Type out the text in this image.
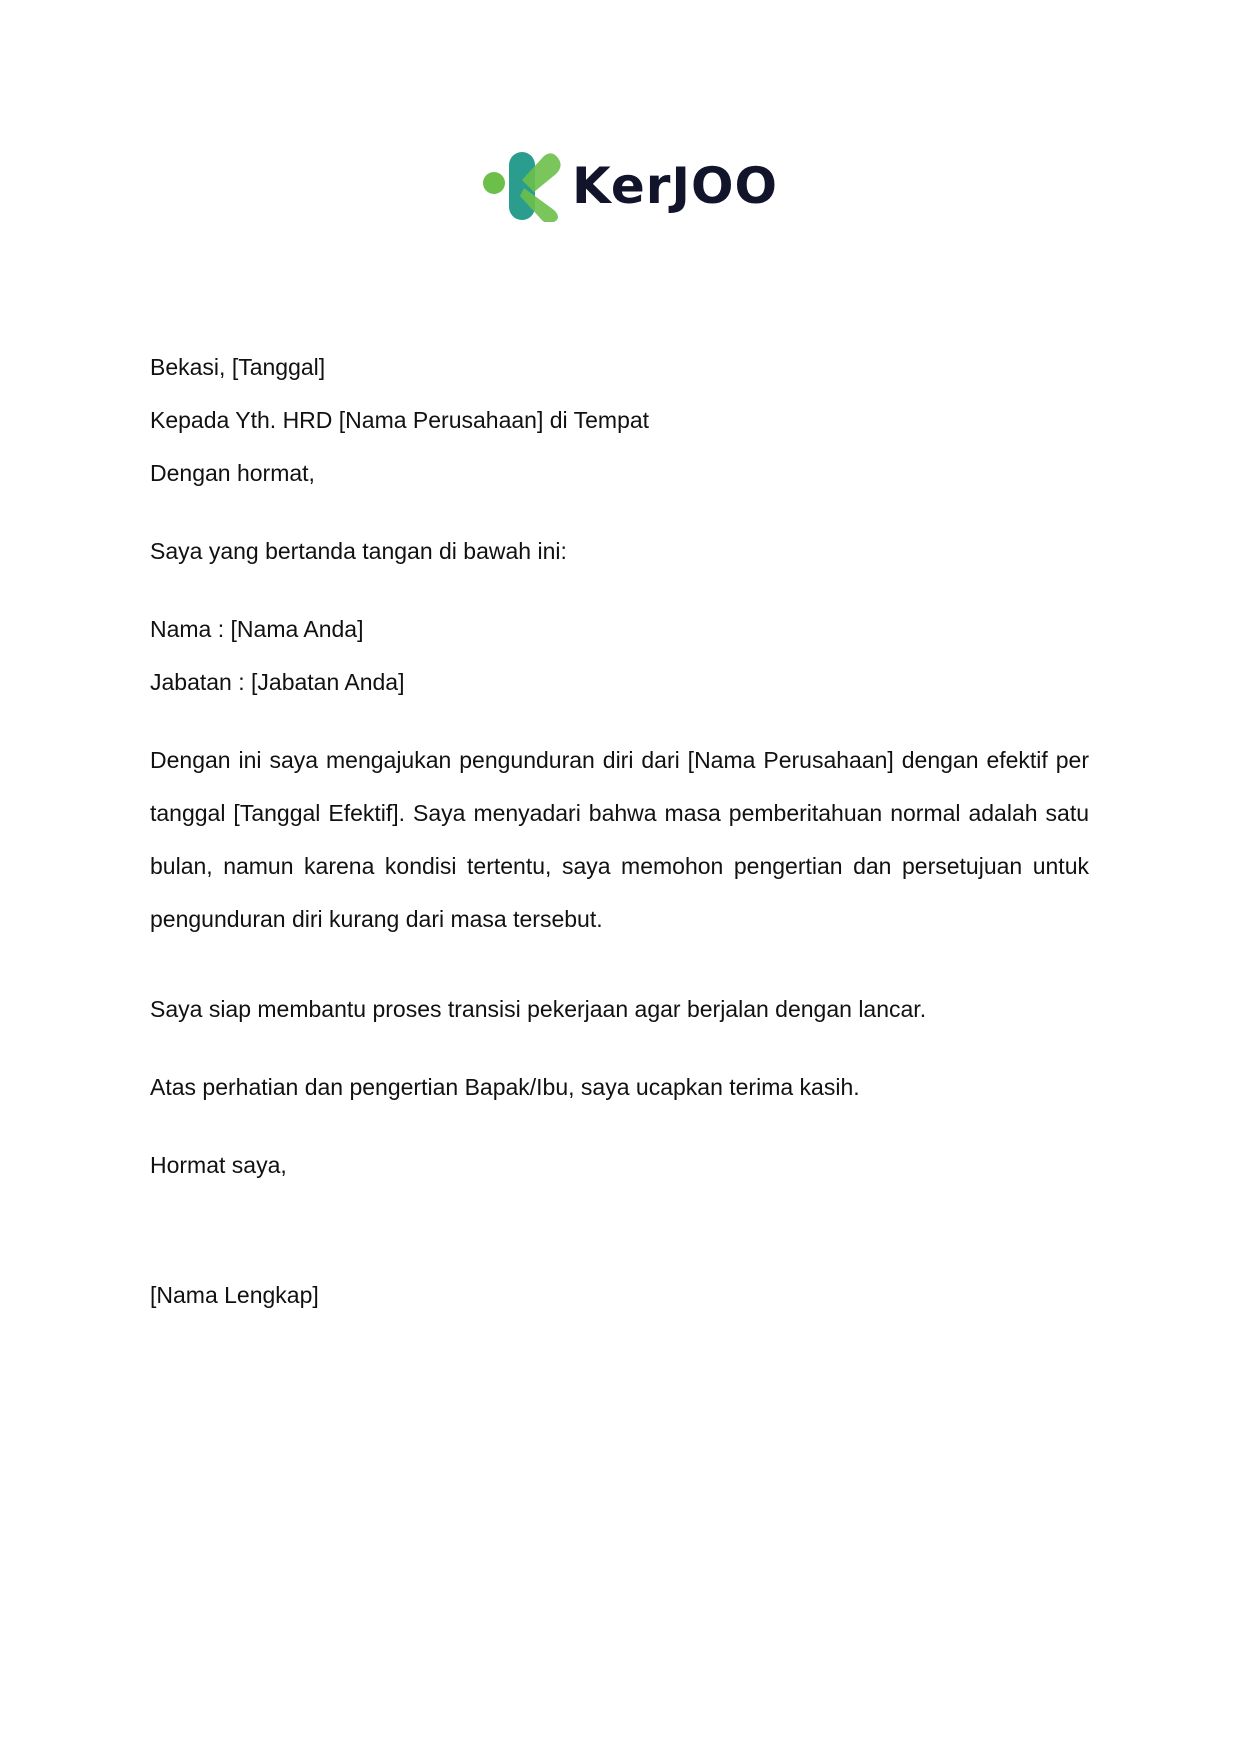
KerJOO

Bekasi, [Tanggal]

Kepada Yth. HRD [Nama Perusahaan] di Tempat

Dengan hormat,

Saya yang bertanda tangan di bawah ini:

Nama : [Nama Anda]

Jabatan : [Jabatan Anda]

Dengan ini saya mengajukan pengunduran diri dari [Nama Perusahaan] dengan efektif per tanggal [Tanggal Efektif]. Saya menyadari bahwa masa pemberitahuan normal adalah satu bulan, namun karena kondisi tertentu, saya memohon pengertian dan persetujuan untuk pengunduran diri kurang dari masa tersebut.

Saya siap membantu proses transisi pekerjaan agar berjalan dengan lancar.

Atas perhatian dan pengertian Bapak/Ibu, saya ucapkan terima kasih.

Hormat saya,

[Nama Lengkap]
